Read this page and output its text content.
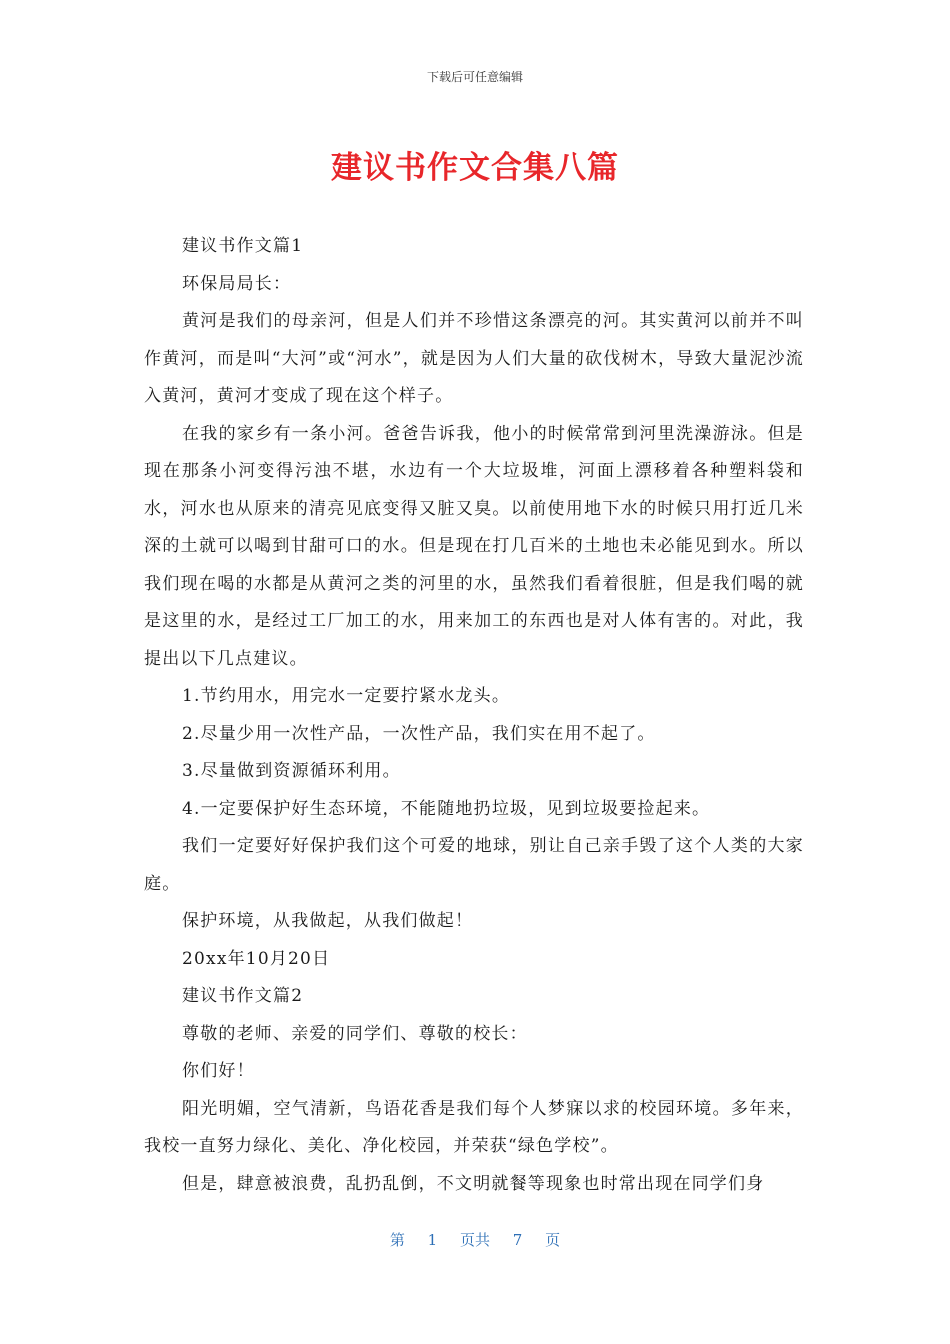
下载后可任意编辑
建议书作文合集八篇

建议书作文篇1

环保局局长：

黄河是我们的母亲河，但是人们并不珍惜这条漂亮的河。其实黄河以前并不叫作黄河，而是叫“大河”或“河水”，就是因为人们大量的砍伐树木，导致大量泥沙流入黄河，黄河才变成了现在这个样子。

在我的家乡有一条小河。爸爸告诉我，他小的时候常常到河里洗澡游泳。但是现在那条小河变得污浊不堪，水边有一个大垃圾堆，河面上漂移着各种塑料袋和水，河水也从原来的清亮见底变得又脏又臭。以前使用地下水的时候只用打近几米深的土就可以喝到甘甜可口的水。但是现在打几百米的土地也未必能见到水。所以我们现在喝的水都是从黄河之类的河里的水，虽然我们看着很脏，但是我们喝的就是这里的水，是经过工厂加工的水，用来加工的东西也是对人体有害的。对此，我提出以下几点建议。

1.节约用水，用完水一定要拧紧水龙头。

2.尽量少用一次性产品，一次性产品，我们实在用不起了。

3.尽量做到资源循环利用。

4.一定要保护好生态环境，不能随地扔垃圾，见到垃圾要捡起来。

我们一定要好好保护我们这个可爱的地球，别让自己亲手毁了这个人类的大家庭。

保护环境，从我做起，从我们做起！

20xx年10月20日

建议书作文篇2

尊敬的老师、亲爱的同学们、尊敬的校长：

你们好！

阳光明媚，空气清新，鸟语花香是我们每个人梦寐以求的校园环境。多年来，我校一直努力绿化、美化、净化校园，并荣获“绿色学校”。

但是，肆意被浪费，乱扔乱倒，不文明就餐等现象也时常出现在同学们身

第 1 页共 7 页
